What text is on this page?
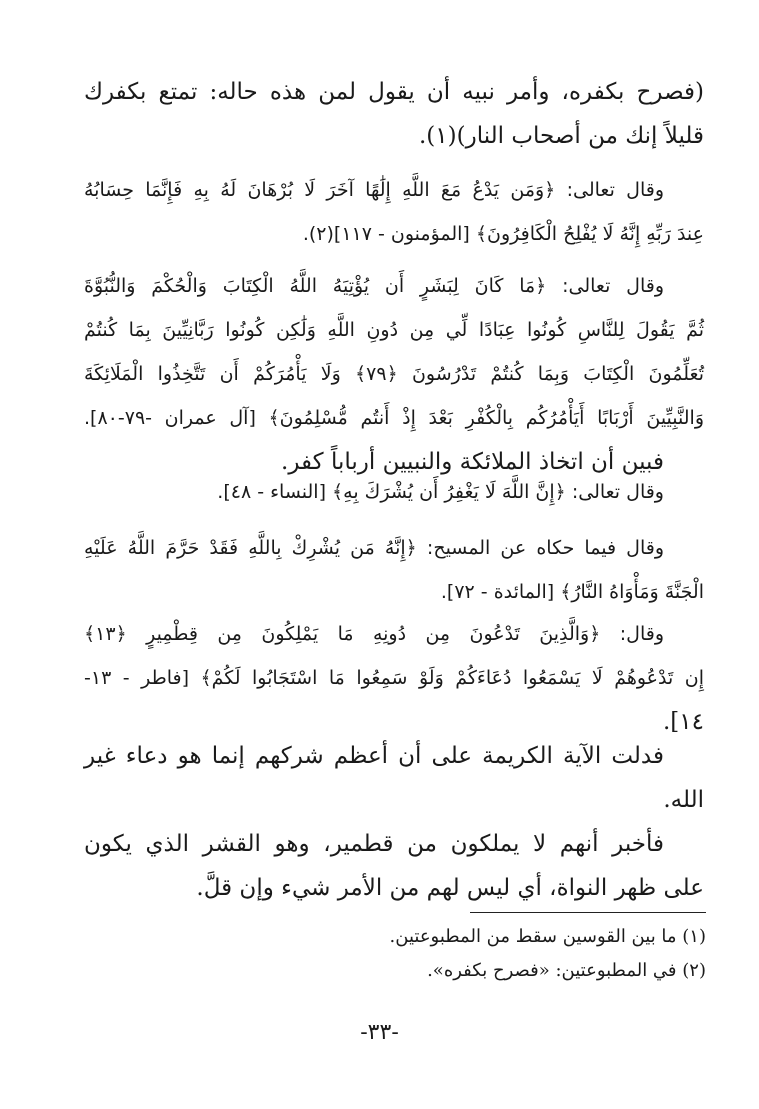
(فصرح بكفره، وأمر نبيه أن يقول لمن هذه حاله: تمتع بكفرك
قليلاً إنك من أصحاب النار)(١).
وقال تعالى: ﴿وَمَن يَدْعُ مَعَ اللَّهِ إِلَٰهًا آخَرَ لَا بُرْهَانَ لَهُ بِهِ فَإِنَّمَا حِسَابُهُ
عِندَ رَبِّهِ إِنَّهُ لَا يُفْلِحُ الْكَافِرُونَ﴾ [المؤمنون - ١١٧](٢).
وقال تعالى: ﴿مَا كَانَ لِبَشَرٍ أَن يُؤْتِيَهُ اللَّهُ الْكِتَابَ وَالْحُكْمَ وَالنُّبُوَّةَ
ثُمَّ يَقُولَ لِلنَّاسِ كُونُوا عِبَادًا لِّي مِن دُونِ اللَّهِ وَلَٰكِن كُونُوا رَبَّانِيِّينَ بِمَا كُنتُمْ
تُعَلِّمُونَ الْكِتَابَ وَبِمَا كُنتُمْ تَدْرُسُونَ ﴿٧٩﴾ وَلَا يَأْمُرَكُمْ أَن تَتَّخِذُوا الْمَلَائِكَةَ
وَالنَّبِيِّينَ أَرْبَابًا أَيَأْمُرُكُم بِالْكُفْرِ بَعْدَ إِذْ أَنتُم مُّسْلِمُونَ﴾ [آل عمران -٧٩-٨٠].
فبين أن اتخاذ الملائكة والنبيين أرباباً كفر.
وقال تعالى: ﴿إِنَّ اللَّهَ لَا يَغْفِرُ أَن يُشْرَكَ بِهِ﴾ [النساء - ٤٨].
وقال فيما حكاه عن المسيح: ﴿إِنَّهُ مَن يُشْرِكْ بِاللَّهِ فَقَدْ حَرَّمَ اللَّهُ عَلَيْهِ
الْجَنَّةَ وَمَأْوَاهُ النَّارُ﴾ [المائدة - ٧٢].
وقال: ﴿وَالَّذِينَ تَدْعُونَ مِن دُونِهِ مَا يَمْلِكُونَ مِن قِطْمِيرٍ ﴿١٣﴾
إِن تَدْعُوهُمْ لَا يَسْمَعُوا دُعَاءَكُمْ وَلَوْ سَمِعُوا مَا اسْتَجَابُوا لَكُمْ﴾ [فاطر - ١٣-
١٤].
فدلت الآية الكريمة على أن أعظم شركهم إنما هو دعاء غير
الله.
فأخبر أنهم لا يملكون من قطمير، وهو القشر الذي يكون
على ظهر النواة، أي ليس لهم من الأمر شيء وإن قلَّ.
(١) ما بين القوسين سقط من المطبوعتين.
(٢) في المطبوعتين: «فصرح بكفره».
-٣٣-
